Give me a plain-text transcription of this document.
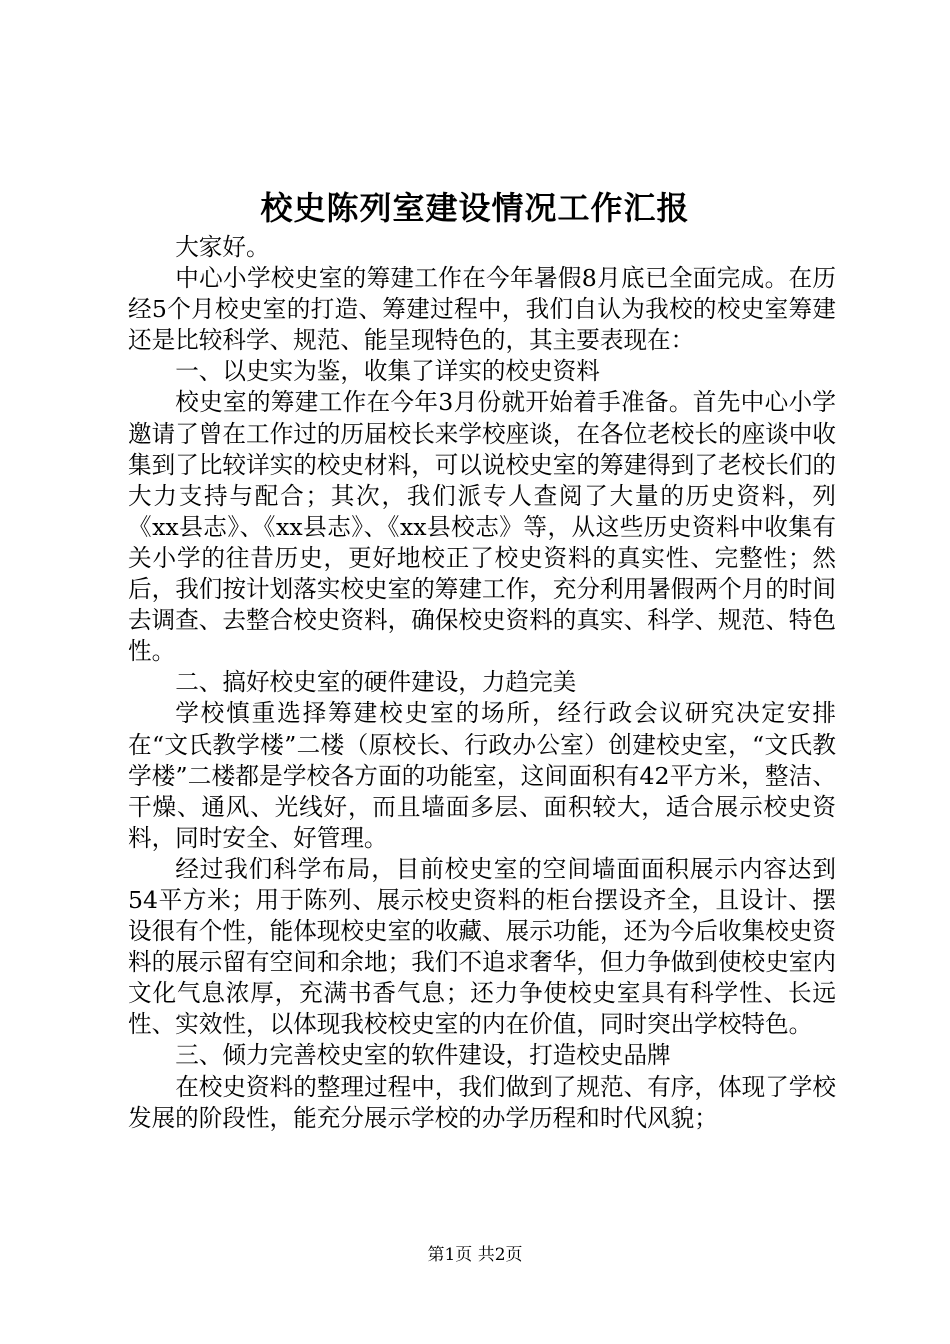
校史陈列室建设情况工作汇报

大家好。

中心小学校史室的筹建工作在今年暑假8月底已全面完成。在历经5个月校史室的打造、筹建过程中，我们自认为我校的校史室筹建还是比较科学、规范、能呈现特色的，其主要表现在：

一、以史实为鉴，收集了详实的校史资料

校史室的筹建工作在今年3月份就开始着手准备。首先中心小学邀请了曾在工作过的历届校长来学校座谈，在各位老校长的座谈中收集到了比较详实的校史材料，可以说校史室的筹建得到了老校长们的大力支持与配合；其次，我们派专人查阅了大量的历史资料，列《xx县志》、《xx县志》、《xx县校志》等，从这些历史资料中收集有关小学的往昔历史，更好地校正了校史资料的真实性、完整性；然后，我们按计划落实校史室的筹建工作，充分利用暑假两个月的时间去调查、去整合校史资料，确保校史资料的真实、科学、规范、特色性。

二、搞好校史室的硬件建设，力趋完美

学校慎重选择筹建校史室的场所，经行政会议研究决定安排在“文氏教学楼”二楼（原校长、行政办公室）创建校史室，“文氏教学楼”二楼都是学校各方面的功能室，这间面积有42平方米，整洁、干燥、通风、光线好，而且墙面多层、面积较大，适合展示校史资料，同时安全、好管理。

经过我们科学布局，目前校史室的空间墙面面积展示内容达到54平方米；用于陈列、展示校史资料的柜台摆设齐全，且设计、摆设很有个性，能体现校史室的收藏、展示功能，还为今后收集校史资料的展示留有空间和余地；我们不追求奢华，但力争做到使校史室内文化气息浓厚，充满书香气息；还力争使校史室具有科学性、长远性、实效性，以体现我校校史室的内在价值，同时突出学校特色。

三、倾力完善校史室的软件建设，打造校史品牌

在校史资料的整理过程中，我们做到了规范、有序，体现了学校发展的阶段性，能充分展示学校的办学历程和时代风貌；

第1页 共2页
